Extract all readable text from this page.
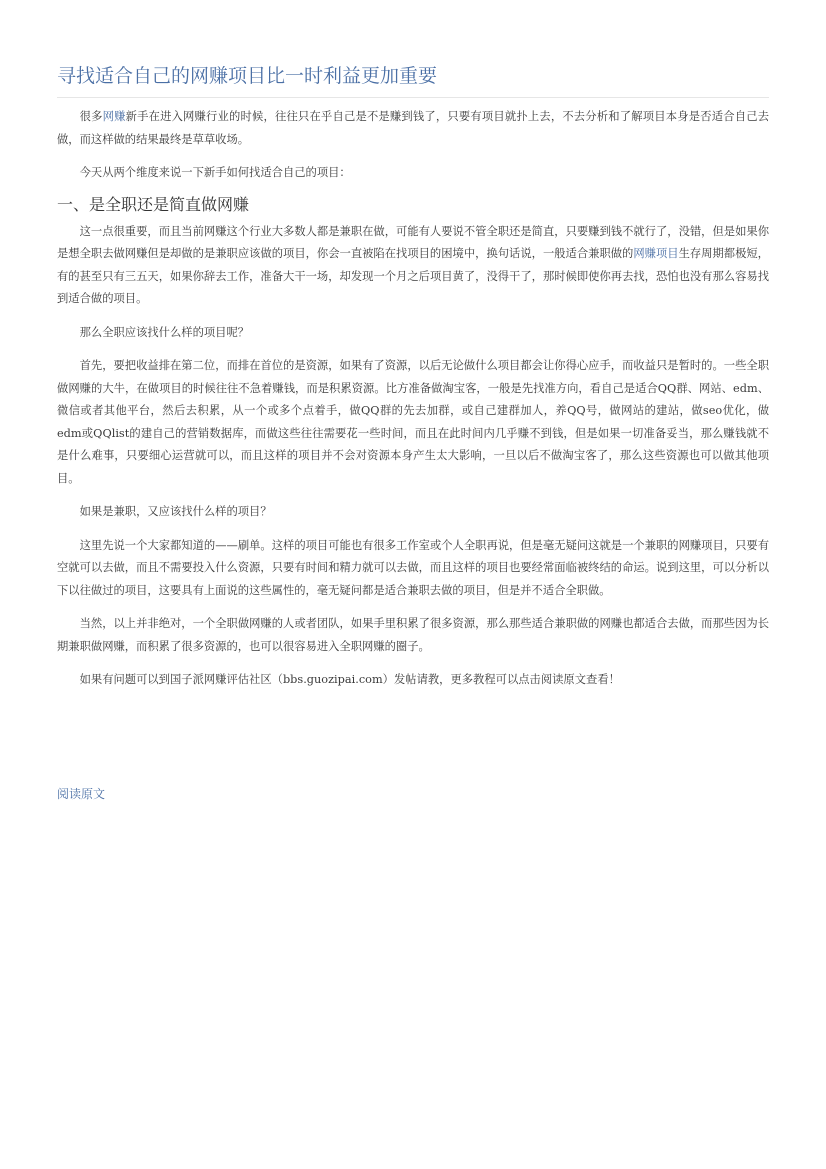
寻找适合自己的网赚项目比一时利益更加重要

很多网赚新手在进入网赚行业的时候，往往只在乎自己是不是赚到钱了，只要有项目就扑上去，不去分析和了解项目本身是否适合自己去做，而这样做的结果最终是草草收场。

今天从两个维度来说一下新手如何找适合自己的项目：

一、是全职还是简直做网赚

这一点很重要，而且当前网赚这个行业大多数人都是兼职在做，可能有人要说不管全职还是简直，只要赚到钱不就行了，没错，但是如果你是想全职去做网赚但是却做的是兼职应该做的项目，你会一直被陷在找项目的困境中，换句话说，一般适合兼职做的网赚项目生存周期都极短，有的甚至只有三五天，如果你辞去工作，准备大干一场，却发现一个月之后项目黄了，没得干了，那时候即使你再去找，恐怕也没有那么容易找到适合做的项目。

那么全职应该找什么样的项目呢？

首先，要把收益排在第二位，而排在首位的是资源，如果有了资源，以后无论做什么项目都会让你得心应手，而收益只是暂时的。一些全职做网赚的大牛，在做项目的时候往往不急着赚钱，而是积累资源。比方准备做淘宝客，一般是先找准方向，看自己是适合QQ群、网站、edm、微信或者其他平台，然后去积累，从一个或多个点着手，做QQ群的先去加群，或自己建群加人，养QQ号，做网站的建站，做seo优化，做edm或QQlist的建自己的营销数据库，而做这些往往需要花一些时间，而且在此时间内几乎赚不到钱，但是如果一切准备妥当，那么赚钱就不是什么难事，只要细心运营就可以，而且这样的项目并不会对资源本身产生太大影响，一旦以后不做淘宝客了，那么这些资源也可以做其他项目。

如果是兼职，又应该找什么样的项目？

这里先说一个大家都知道的——刷单。这样的项目可能也有很多工作室或个人全职再说，但是毫无疑问这就是一个兼职的网赚项目，只要有空就可以去做，而且不需要投入什么资源，只要有时间和精力就可以去做，而且这样的项目也要经常面临被终结的命运。说到这里，可以分析以下以往做过的项目，这要具有上面说的这些属性的，毫无疑问都是适合兼职去做的项目，但是并不适合全职做。

当然，以上并非绝对，一个全职做网赚的人或者团队，如果手里积累了很多资源，那么那些适合兼职做的网赚也都适合去做，而那些因为长期兼职做网赚，而积累了很多资源的，也可以很容易进入全职网赚的圈子。

如果有问题可以到国子派网赚评估社区（bbs.guozipai.com）发帖请教，更多教程可以点击阅读原文查看！

阅读原文
